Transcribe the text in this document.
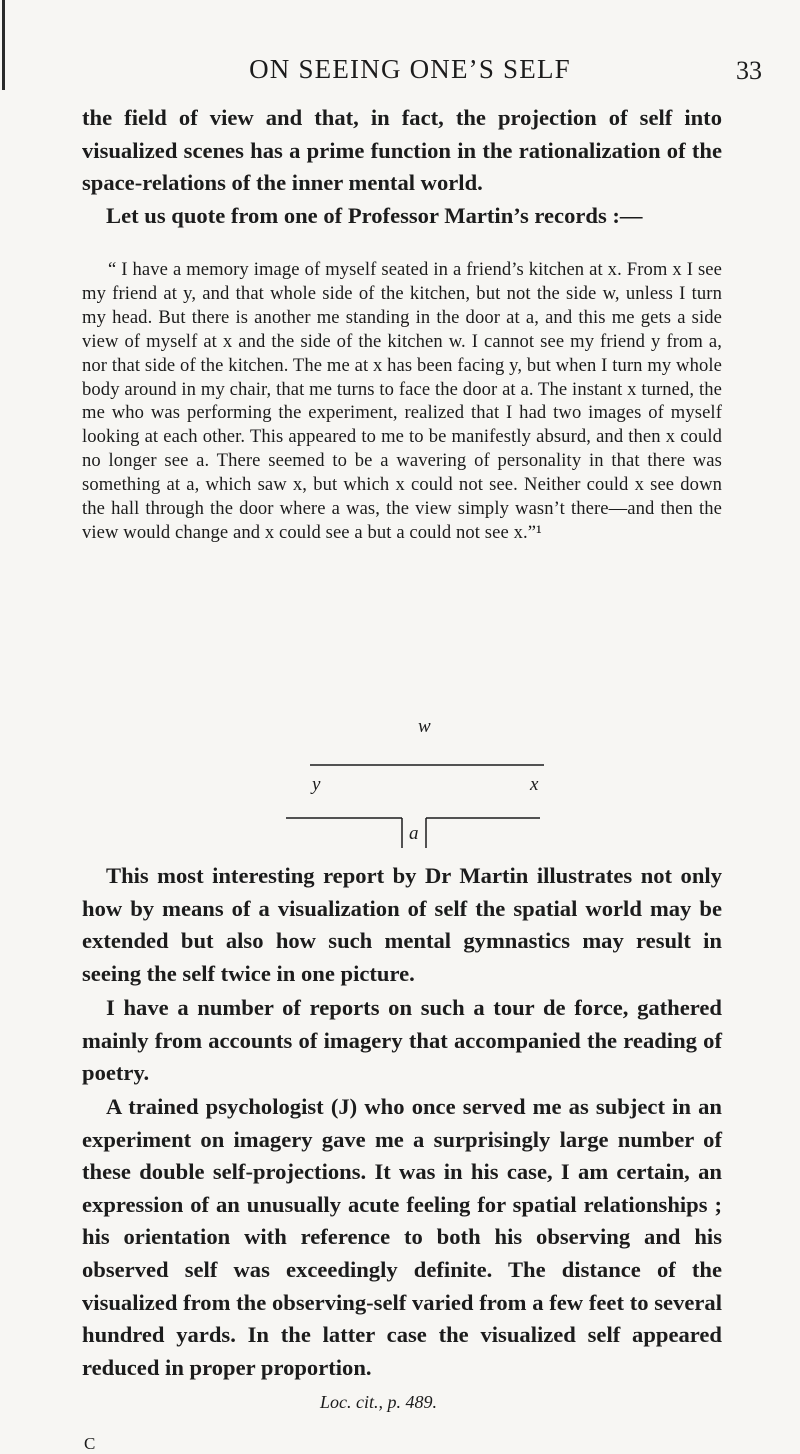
ON SEEING ONE’S SELF	33

the field of view and that, in fact, the projection of self into visualized scenes has a prime function in the rationalization of the space-relations of the inner mental world.

Let us quote from one of Professor Martin’s records :—

“ I have a memory image of myself seated in a friend’s kitchen at x. From x I see my friend at y, and that whole side of the kitchen, but not the side w, unless I turn my head. But there is another me standing in the door at a, and this me gets a side view of myself at x and the side of the kitchen w. I cannot see my friend y from a, nor that side of the kitchen. The me at x has been facing y, but when I turn my whole body around in my chair, that me turns to face the door at a. The instant x turned, the me who was performing the experiment, realized that I had two images of myself looking at each other. This appeared to me to be manifestly absurd, and then x could no longer see a. There seemed to be a wavering of personality in that there was something at a, which saw x, but which x could not see. Neither could x see down the hall through the door where a was, the view simply wasn’t there—and then the view would change and x could see a but a could not see x.”¹

w
y	x
a

This most interesting report by Dr Martin illustrates not only how by means of a visualization of self the spatial world may be extended but also how such mental gymnastics may result in seeing the self twice in one picture.

I have a number of reports on such a tour de force, gathered mainly from accounts of imagery that accompanied the reading of poetry.

A trained psychologist (J) who once served me as subject in an experiment on imagery gave me a surprisingly large number of these double self-projections. It was in his case, I am certain, an expression of an unusually acute feeling for spatial relationships ; his orientation with reference to both his observing and his observed self was exceedingly definite. The distance of the visualized from the observing-self varied from a few feet to several hundred yards. In the latter case the visualized self appeared reduced in proper proportion.

Loc. cit., p. 489.
C
